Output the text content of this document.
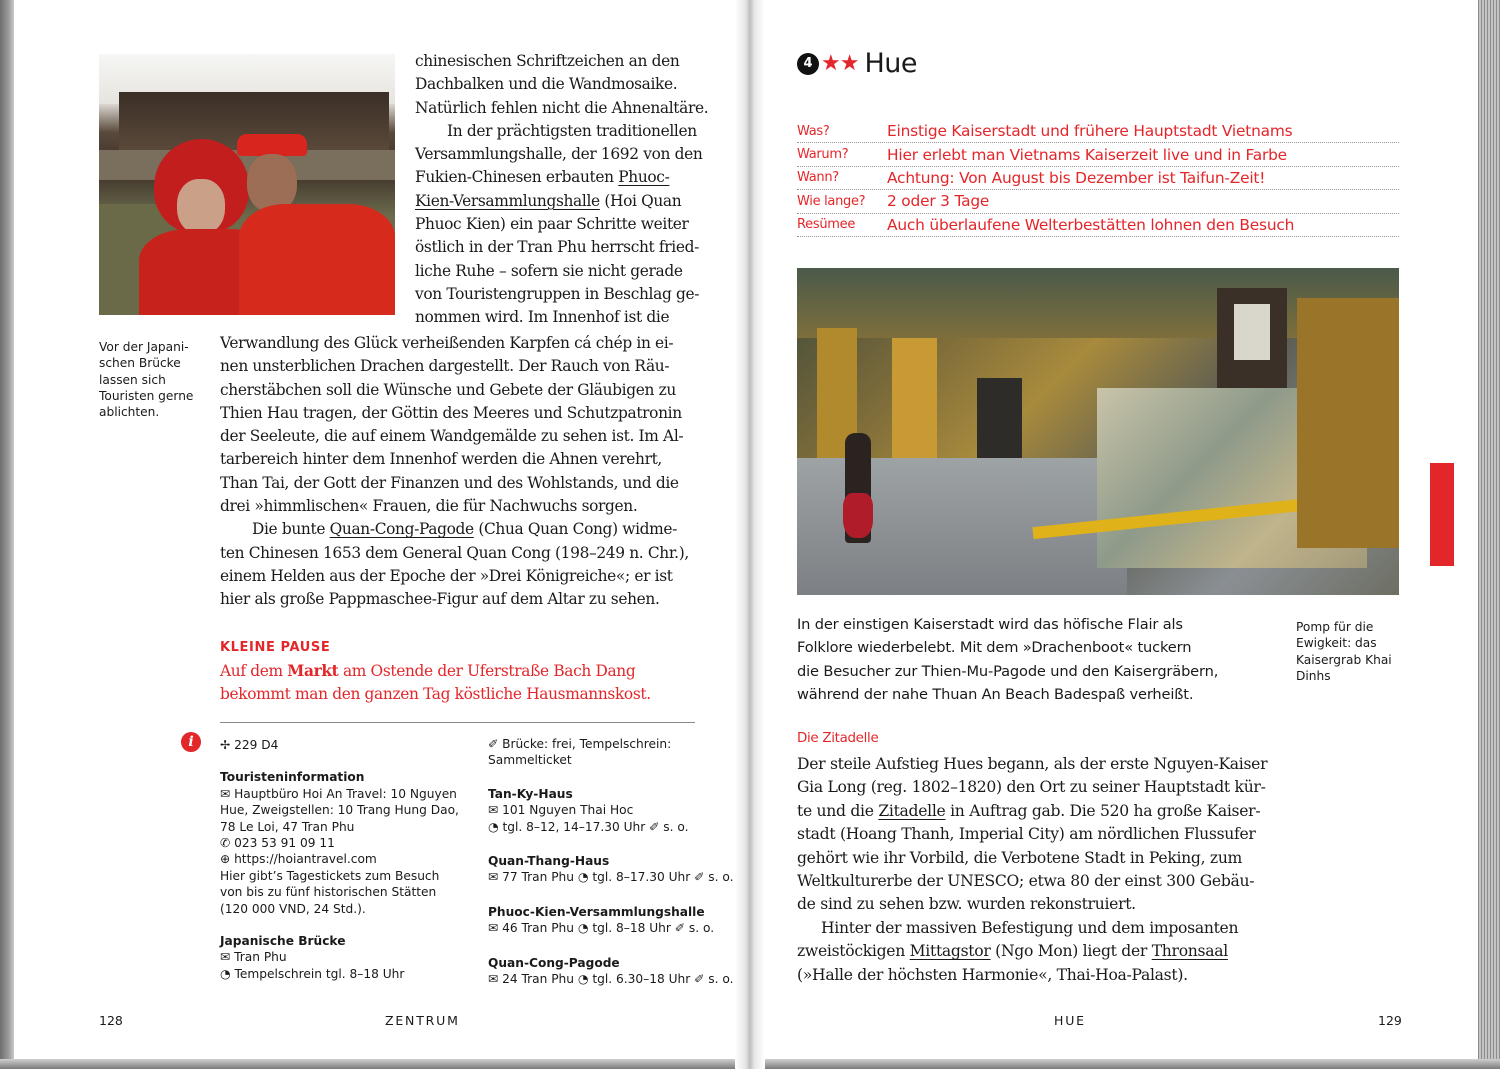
Vor der Japani-
schen Brücke
lassen sich
Touristen gerne
ablichten.
chinesischen Schriftzeichen an den
Dachbalken und die Wandmosaike.
Natürlich fehlen nicht die Ahnenaltäre.
In der prächtigsten traditionellen
Versammlungshalle, der 1692 von den
Fukien-Chinesen erbauten Phuoc-
Kien-Versammlungshalle (Hoi Quan
Phuoc Kien) ein paar Schritte weiter
östlich in der Tran Phu herrscht fried-
liche Ruhe – sofern sie nicht gerade
von Touristengruppen in Beschlag ge-
nommen wird. Im Innenhof ist die
Verwandlung des Glück verheißenden Karpfen cá chép in ei-
nen unsterblichen Drachen dargestellt. Der Rauch von Räu-
cherstäbchen soll die Wünsche und Gebete der Gläubigen zu
Thien Hau tragen, der Göttin des Meeres und Schutzpatronin
der Seeleute, die auf einem Wandgemälde zu sehen ist. Im Al-
tarbereich hinter dem Innenhof werden die Ahnen verehrt,
Than Tai, der Gott der Finanzen und des Wohlstands, und die
drei »himmlischen« Frauen, die für Nachwuchs sorgen.
Die bunte Quan-Cong-Pagode (Chua Quan Cong) widme-
ten Chinesen 1653 dem General Quan Cong (198–249 n. Chr.),
einem Helden aus der Epoche der »Drei Königreiche«; er ist
hier als große Pappmaschee-Figur auf dem Altar zu sehen.
KLEINE PAUSE
Auf dem Markt am Ostende der Uferstraße Bach Dang
bekommt man den ganzen Tag köstliche Hausmannskost.
i	✢ 229 D4
Touristeninformation
✉ Hauptbüro Hoi An Travel: 10 Nguyen
Hue, Zweigstellen: 10 Trang Hung Dao,
78 Le Loi, 47 Tran Phu
✆ 023 53 91 09 11
⊕ https://hoiantravel.com
Hier gibt’s Tagestickets zum Besuch
von bis zu fünf historischen Stätten
(120 000 VND, 24 Std.).
Japanische Brücke
✉ Tran Phu
◔ Tempelschrein tgl. 8–18 Uhr
✐ Brücke: frei, Tempelschrein:
Sammelticket
Tan-Ky-Haus
✉ 101 Nguyen Thai Hoc
◔ tgl. 8–12, 14–17.30 Uhr ✐ s. o.
Quan-Thang-Haus
✉ 77 Tran Phu ◔ tgl. 8–17.30 Uhr ✐ s. o.
Phuoc-Kien-Versammlungshalle
✉ 46 Tran Phu ◔ tgl. 8–18 Uhr ✐ s. o.
Quan-Cong-Pagode
✉ 24 Tran Phu ◔ tgl. 6.30–18 Uhr ✐ s. o.
128	ZENTRUM
4 ★★ Hue
Was?	Einstige Kaiserstadt und frühere Hauptstadt Vietnams
Warum?	Hier erlebt man Vietnams Kaiserzeit live und in Farbe
Wann?	Achtung: Von August bis Dezember ist Taifun-Zeit!
Wie lange?	2 oder 3 Tage
Resümee	Auch überlaufene Welterbestätten lohnen den Besuch
In der einstigen Kaiserstadt wird das höfische Flair als
Folklore wiederbelebt. Mit dem »Drachenboot« tuckern
die Besucher zur Thien-Mu-Pagode und den Kaisergräbern,
während der nahe Thuan An Beach Badespaß verheißt.
Pomp für die
Ewigkeit: das
Kaisergrab Khai
Dinhs
Die Zitadelle
Der steile Aufstieg Hues begann, als der erste Nguyen-Kaiser
Gia Long (reg. 1802–1820) den Ort zu seiner Hauptstadt kür-
te und die Zitadelle in Auftrag gab. Die 520 ha große Kaiser-
stadt (Hoang Thanh, Imperial City) am nördlichen Flussufer
gehört wie ihr Vorbild, die Verbotene Stadt in Peking, zum
Weltkulturerbe der UNESCO; etwa 80 der einst 300 Gebäu-
de sind zu sehen bzw. wurden rekonstruiert.
Hinter der massiven Befestigung und dem imposanten
zweistöckigen Mittagstor (Ngo Mon) liegt der Thronsaal
(»Halle der höchsten Harmonie«, Thai-Hoa-Palast).
HUE	129
